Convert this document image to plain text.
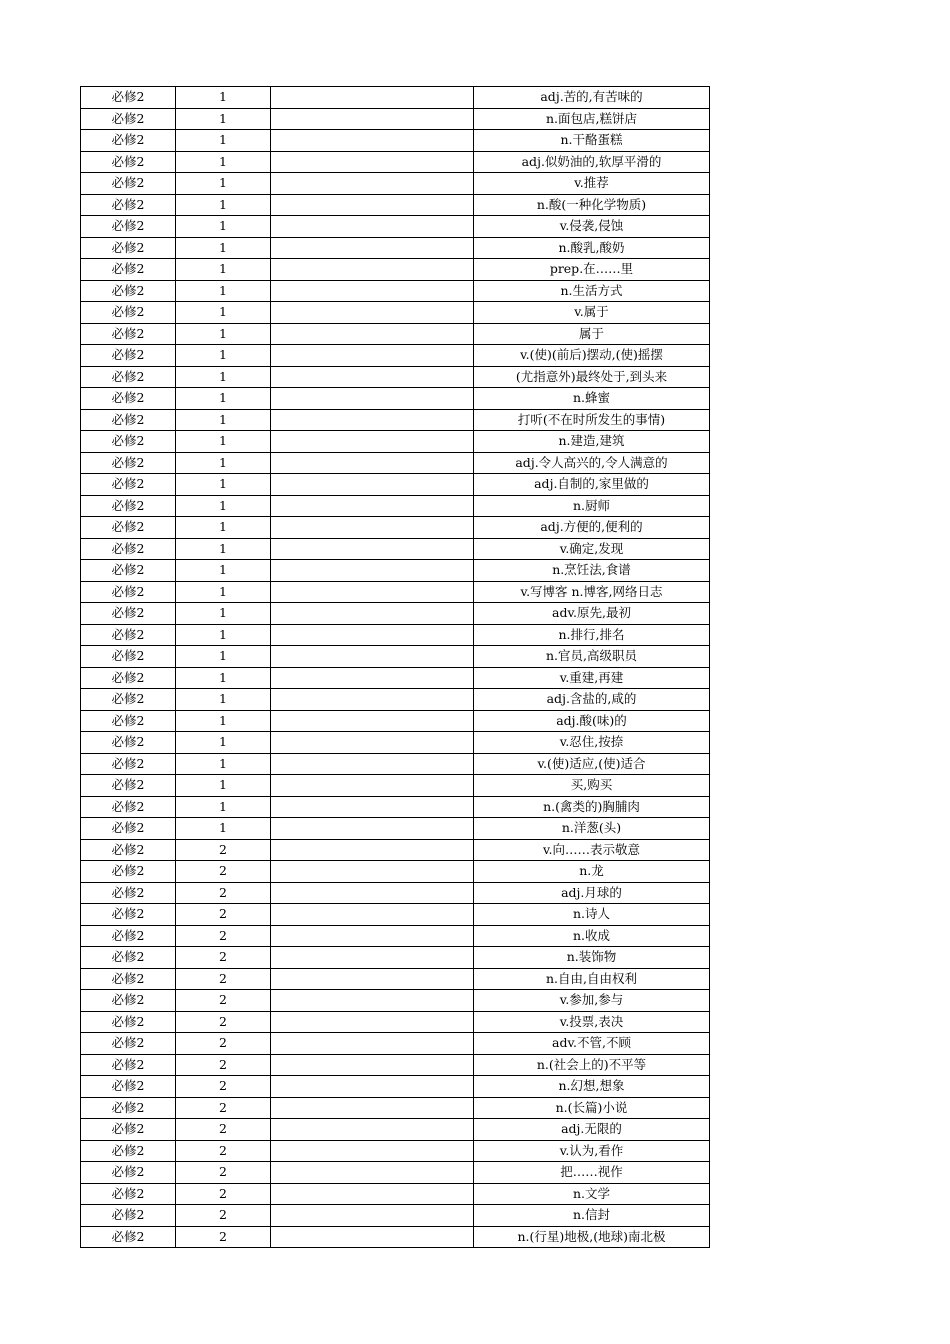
必修2	1		adj.苦的,有苦味的
必修2	1		n.面包店,糕饼店
必修2	1		n.干酪蛋糕
必修2	1		adj.似奶油的,软厚平滑的
必修2	1		v.推荐
必修2	1		n.酸(一种化学物质)
必修2	1		v.侵袭,侵蚀
必修2	1		n.酸乳,酸奶
必修2	1		prep.在……里
必修2	1		n.生活方式
必修2	1		v.属于
必修2	1		属于
必修2	1		v.(使)(前后)摆动,(使)摇摆
必修2	1		(尤指意外)最终处于,到头来
必修2	1		n.蜂蜜
必修2	1		打听(不在时所发生的事情)
必修2	1		n.建造,建筑
必修2	1		adj.令人高兴的,令人满意的
必修2	1		adj.自制的,家里做的
必修2	1		n.厨师
必修2	1		adj.方便的,便利的
必修2	1		v.确定,发现
必修2	1		n.烹饪法,食谱
必修2	1		v.写博客 n.博客,网络日志
必修2	1		adv.原先,最初
必修2	1		n.排行,排名
必修2	1		n.官员,高级职员
必修2	1		v.重建,再建
必修2	1		adj.含盐的,咸的
必修2	1		adj.酸(味)的
必修2	1		v.忍住,按捺
必修2	1		v.(使)适应,(使)适合
必修2	1		买,购买
必修2	1		n.(禽类的)胸脯肉
必修2	1		n.洋葱(头)
必修2	2		v.向……表示敬意
必修2	2		n.龙
必修2	2		adj.月球的
必修2	2		n.诗人
必修2	2		n.收成
必修2	2		n.装饰物
必修2	2		n.自由,自由权利
必修2	2		v.参加,参与
必修2	2		v.投票,表决
必修2	2		adv.不管,不顾
必修2	2		n.(社会上的)不平等
必修2	2		n.幻想,想象
必修2	2		n.(长篇)小说
必修2	2		adj.无限的
必修2	2		v.认为,看作
必修2	2		把……视作
必修2	2		n.文学
必修2	2		n.信封
必修2	2		n.(行星)地极,(地球)南北极
